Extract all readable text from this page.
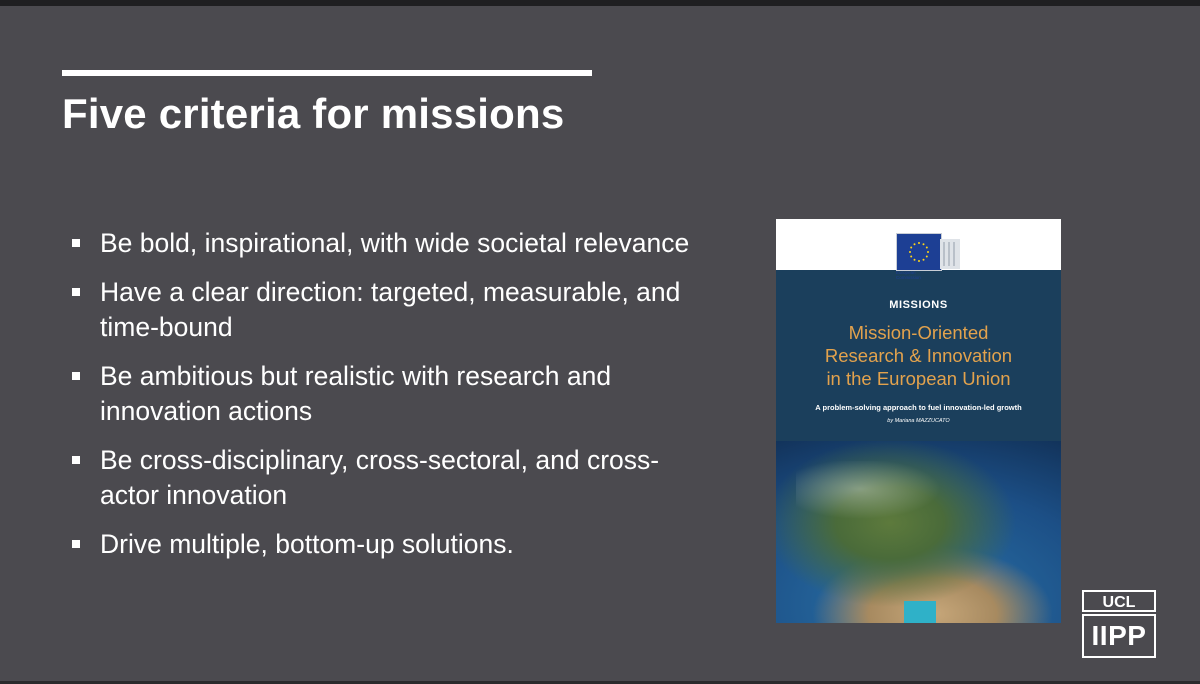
Five criteria for missions
Be bold, inspirational, with wide societal relevance
Have a clear direction: targeted, measurable, and time-bound
Be ambitious but realistic with research and innovation actions
Be cross-disciplinary, cross-sectoral, and cross-actor innovation
Drive multiple, bottom-up solutions.
European Commission
MISSIONS
Mission-Oriented
Research & Innovation
in the European Union
A problem-solving approach to fuel innovation-led growth
by Mariana MAZZUCATO
UCL
IIPP
